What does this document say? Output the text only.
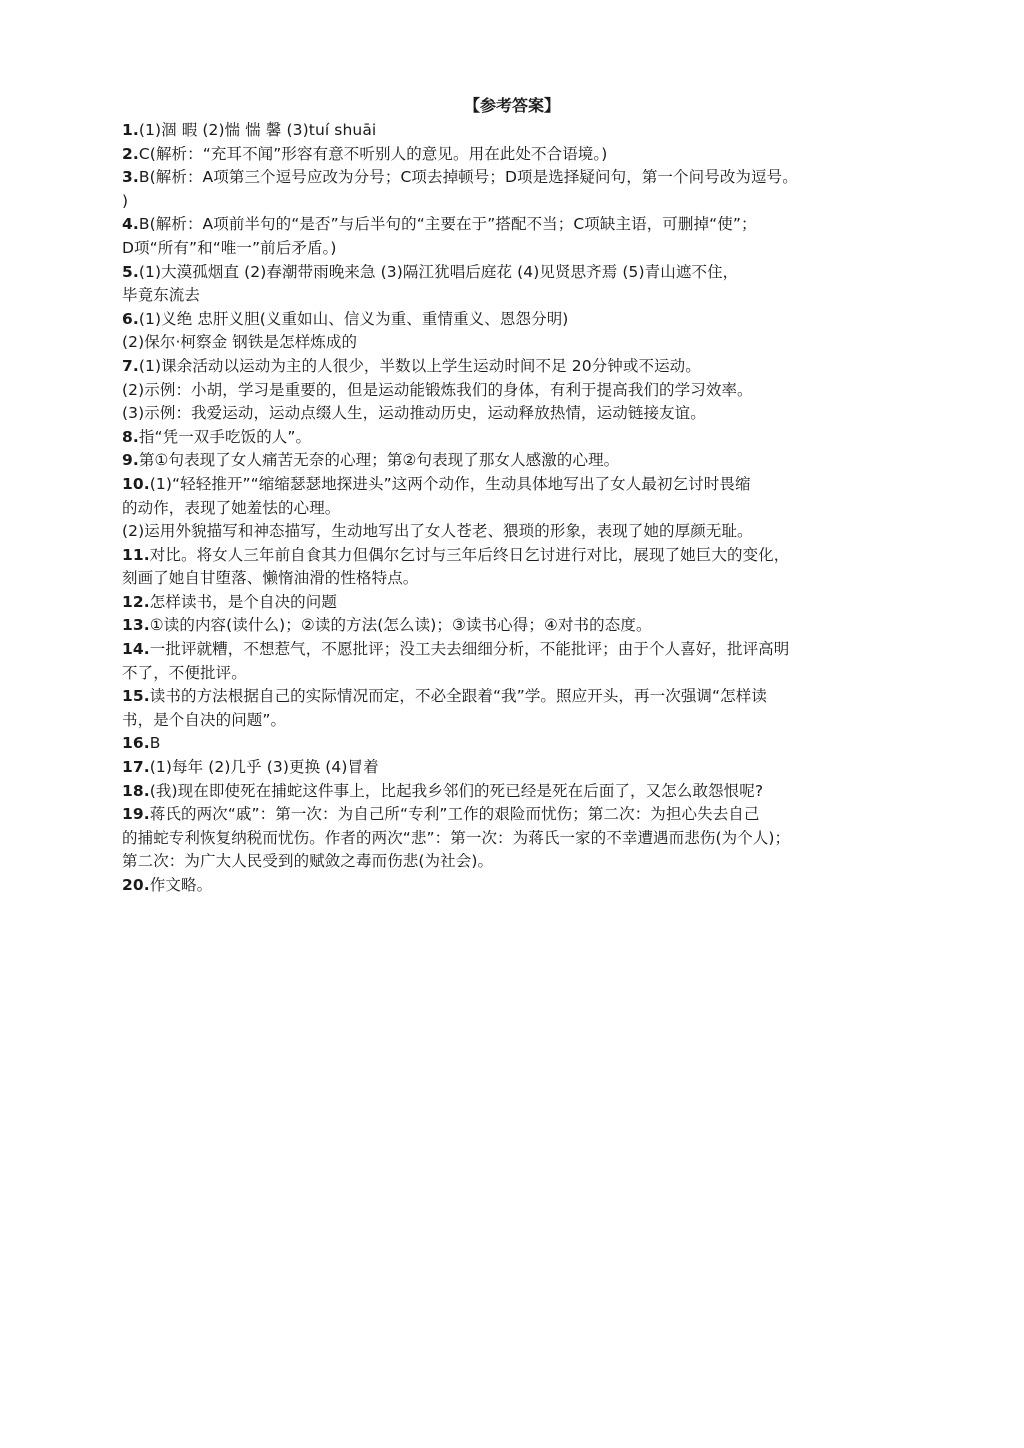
【参考答案】
1.(1)涸 暇 (2)惴 惴 馨 (3)tuí shuāi
2.C(解析：“充耳不闻”形容有意不听别人的意见。用在此处不合语境。)
3.B(解析：A项第三个逗号应改为分号；C项去掉顿号；D项是选择疑问句，第一个问号改为逗号。
)
4.B(解析：A项前半句的“是否”与后半句的“主要在于”搭配不当；C项缺主语，可删掉“使”；
D项“所有”和“唯一”前后矛盾。)
5.(1)大漠孤烟直 (2)春潮带雨晚来急 (3)隔江犹唱后庭花 (4)见贤思齐焉 (5)青山遮不住，
毕竟东流去
6.(1)义绝 忠肝义胆(义重如山、信义为重、重情重义、恩怨分明)
(2)保尔·柯察金 钢铁是怎样炼成的
7.(1)课余活动以运动为主的人很少，半数以上学生运动时间不足 20分钟或不运动。
(2)示例：小胡，学习是重要的，但是运动能锻炼我们的身体，有利于提高我们的学习效率。
(3)示例：我爱运动，运动点缀人生，运动推动历史，运动释放热情，运动链接友谊。
8.指“凭一双手吃饭的人”。
9.第①句表现了女人痛苦无奈的心理；第②句表现了那女人感激的心理。
10.(1)“轻轻推开”“缩缩瑟瑟地探进头”这两个动作，生动具体地写出了女人最初乞讨时畏缩
的动作，表现了她羞怯的心理。
(2)运用外貌描写和神态描写，生动地写出了女人苍老、猥琐的形象，表现了她的厚颜无耻。
11.对比。将女人三年前自食其力但偶尔乞讨与三年后终日乞讨进行对比，展现了她巨大的变化，
刻画了她自甘堕落、懒惰油滑的性格特点。
12.怎样读书，是个自决的问题
13.①读的内容(读什么)；②读的方法(怎么读)；③读书心得；④对书的态度。
14.一批评就糟，不想惹气，不愿批评；没工夫去细细分析，不能批评；由于个人喜好，批评高明
不了，不便批评。
15.读书的方法根据自己的实际情况而定，不必全跟着“我”学。照应开头，再一次强调“怎样读
书，是个自决的问题”。
16.B
17.(1)每年 (2)几乎 (3)更换 (4)冒着
18.(我)现在即使死在捕蛇这件事上，比起我乡邻们的死已经是死在后面了，又怎么敢怨恨呢?
19.蒋氏的两次“戚”：第一次：为自己所“专利”工作的艰险而忧伤；第二次：为担心失去自己
的捕蛇专利恢复纳税而忧伤。作者的两次“悲”：第一次：为蒋氏一家的不幸遭遇而悲伤(为个人)；
第二次：为广大人民受到的赋敛之毒而伤悲(为社会)。
20.作文略。
